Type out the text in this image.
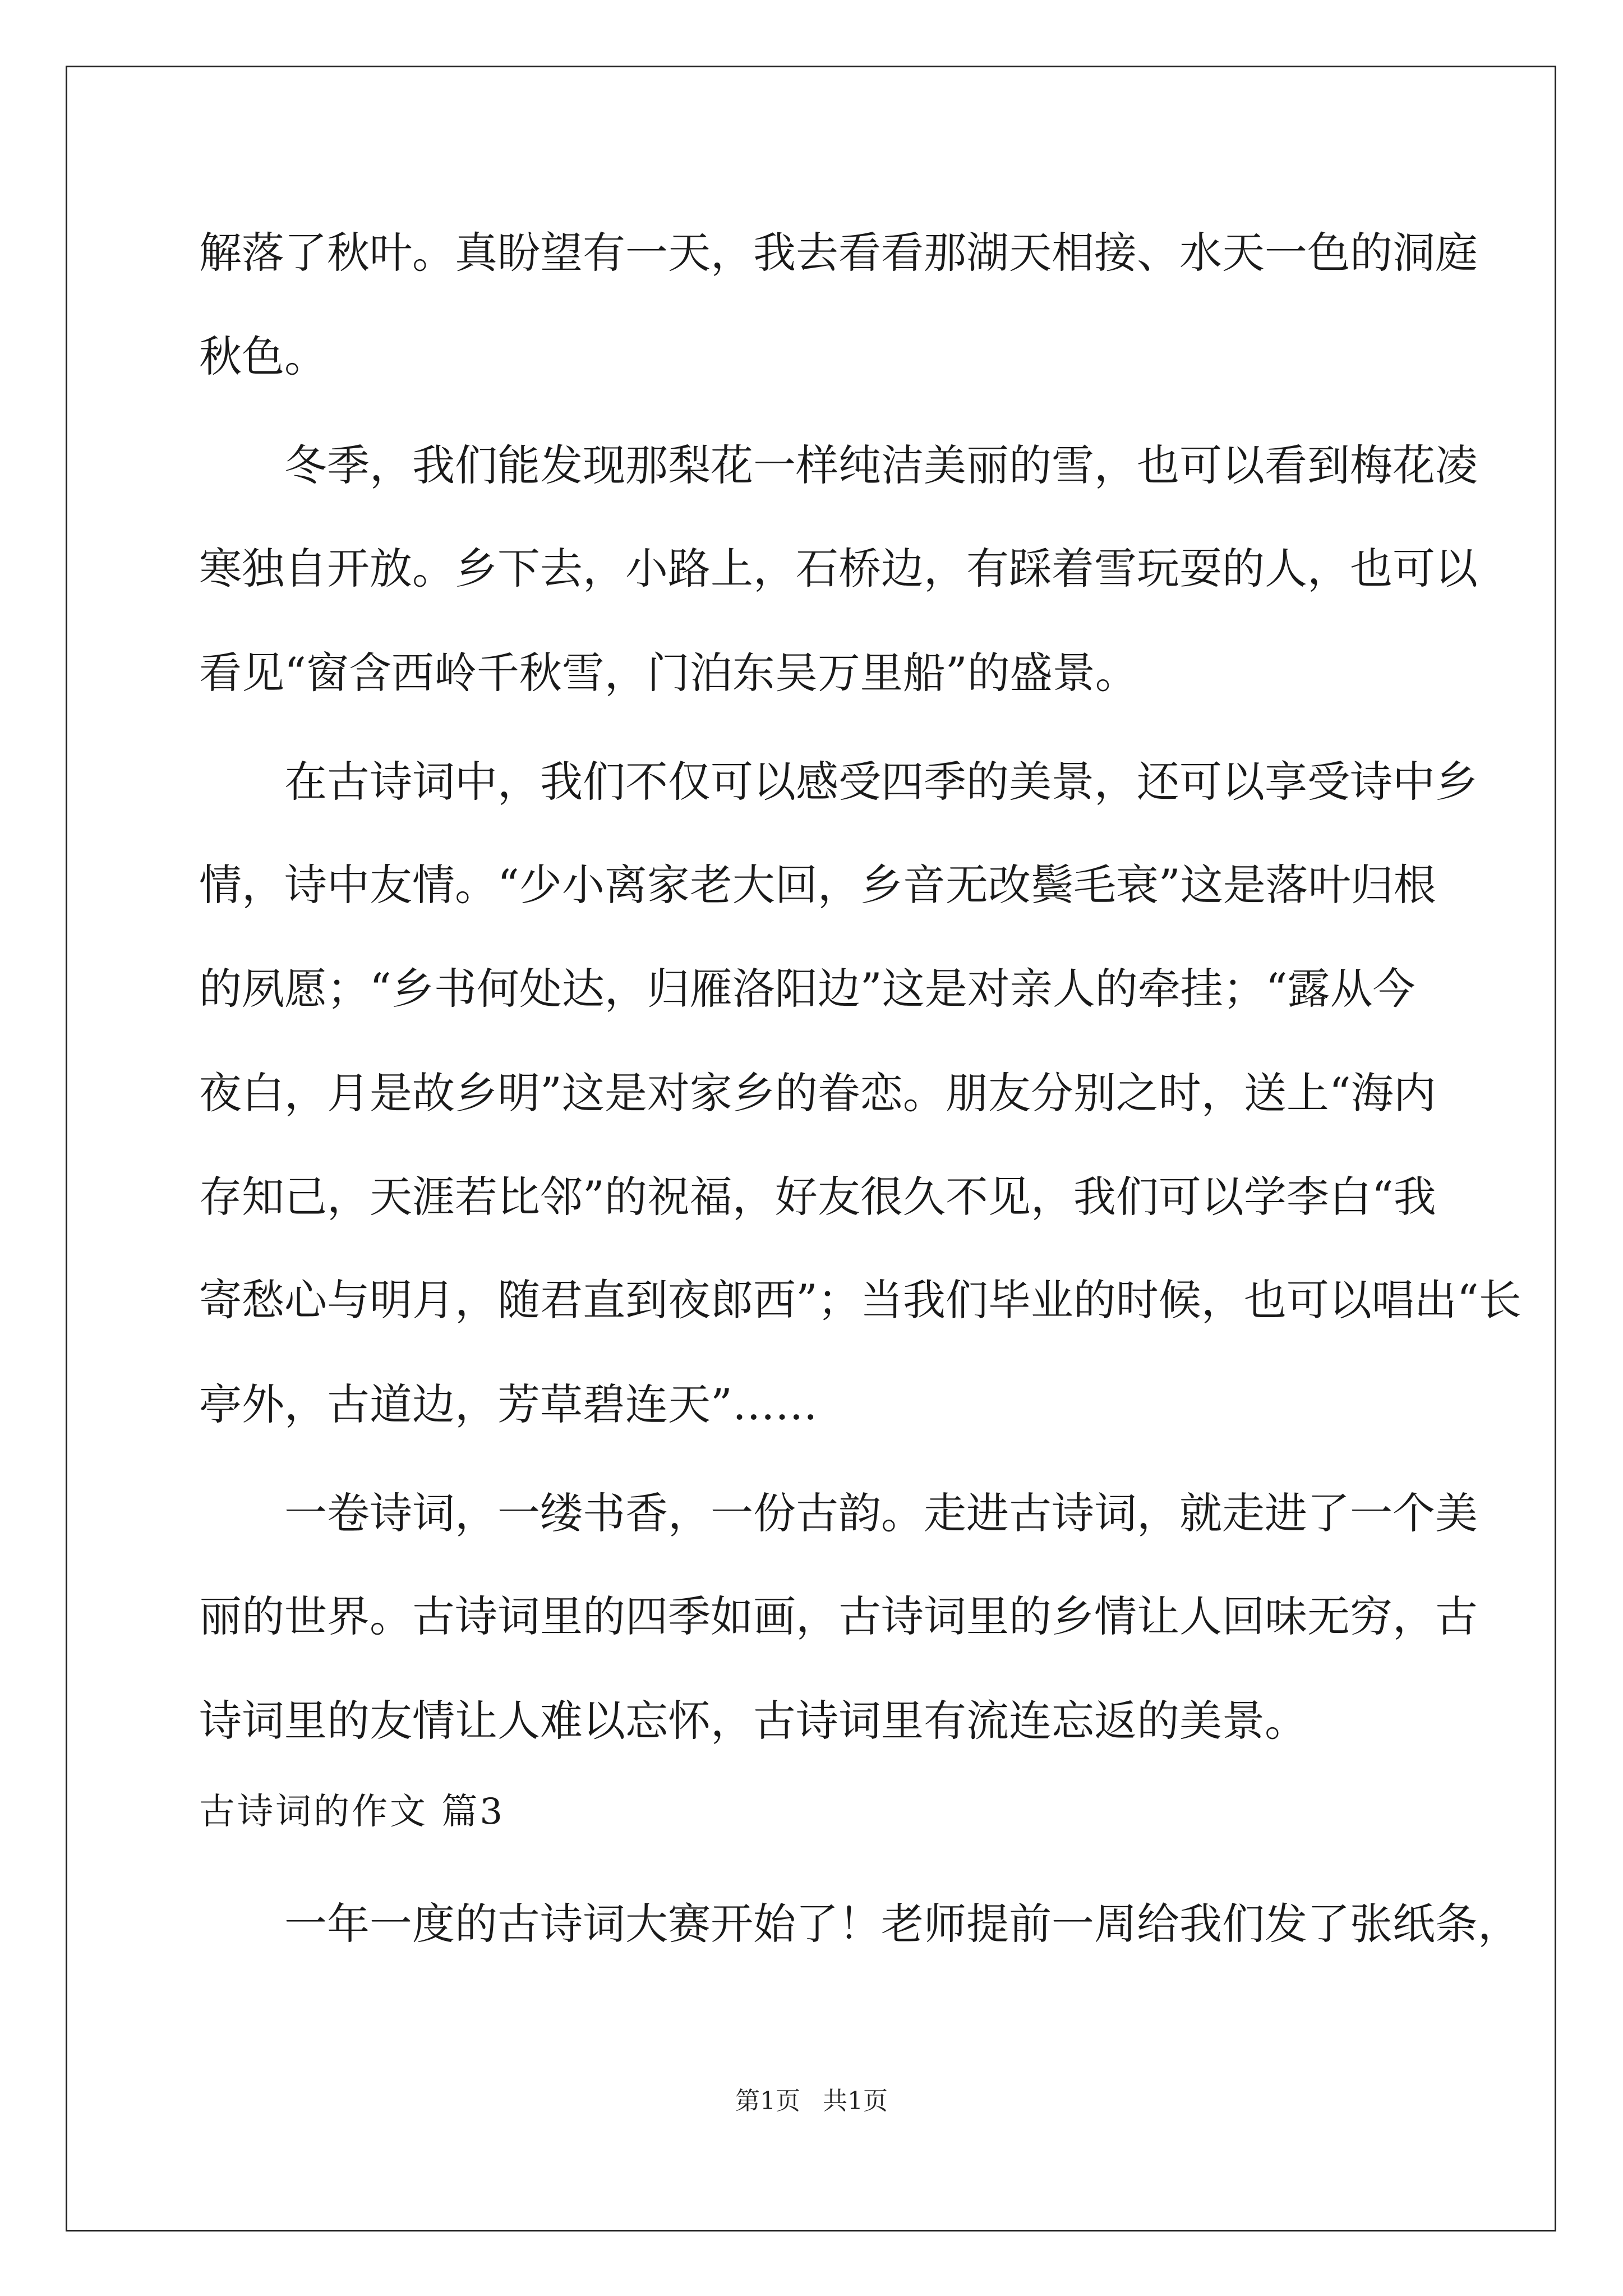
解落了秋叶。真盼望有一天，我去看看那湖天相接、水天一色的洞庭
秋色。
冬季，我们能发现那梨花一样纯洁美丽的雪，也可以看到梅花凌
寒独自开放。乡下去，小路上，石桥边，有踩着雪玩耍的人，也可以
看见“窗含西岭千秋雪，门泊东吴万里船”的盛景。
在古诗词中，我们不仅可以感受四季的美景，还可以享受诗中乡
情，诗中友情。“少小离家老大回，乡音无改鬓毛衰”这是落叶归根
的夙愿；“乡书何处达，归雁洛阳边”这是对亲人的牵挂；“露从今
夜白，月是故乡明”这是对家乡的眷恋。朋友分别之时，送上“海内
存知己，天涯若比邻”的祝福，好友很久不见，我们可以学李白“我
寄愁心与明月，随君直到夜郎西”；当我们毕业的时候，也可以唱出“长
亭外，古道边，芳草碧连天”……
一卷诗词，一缕书香，一份古韵。走进古诗词，就走进了一个美
丽的世界。古诗词里的四季如画，古诗词里的乡情让人回味无穷，古
诗词里的友情让人难以忘怀，古诗词里有流连忘返的美景。
古诗词的作文 篇3
一年一度的古诗词大赛开始了！老师提前一周给我们发了张纸条，
第1页 共1页
